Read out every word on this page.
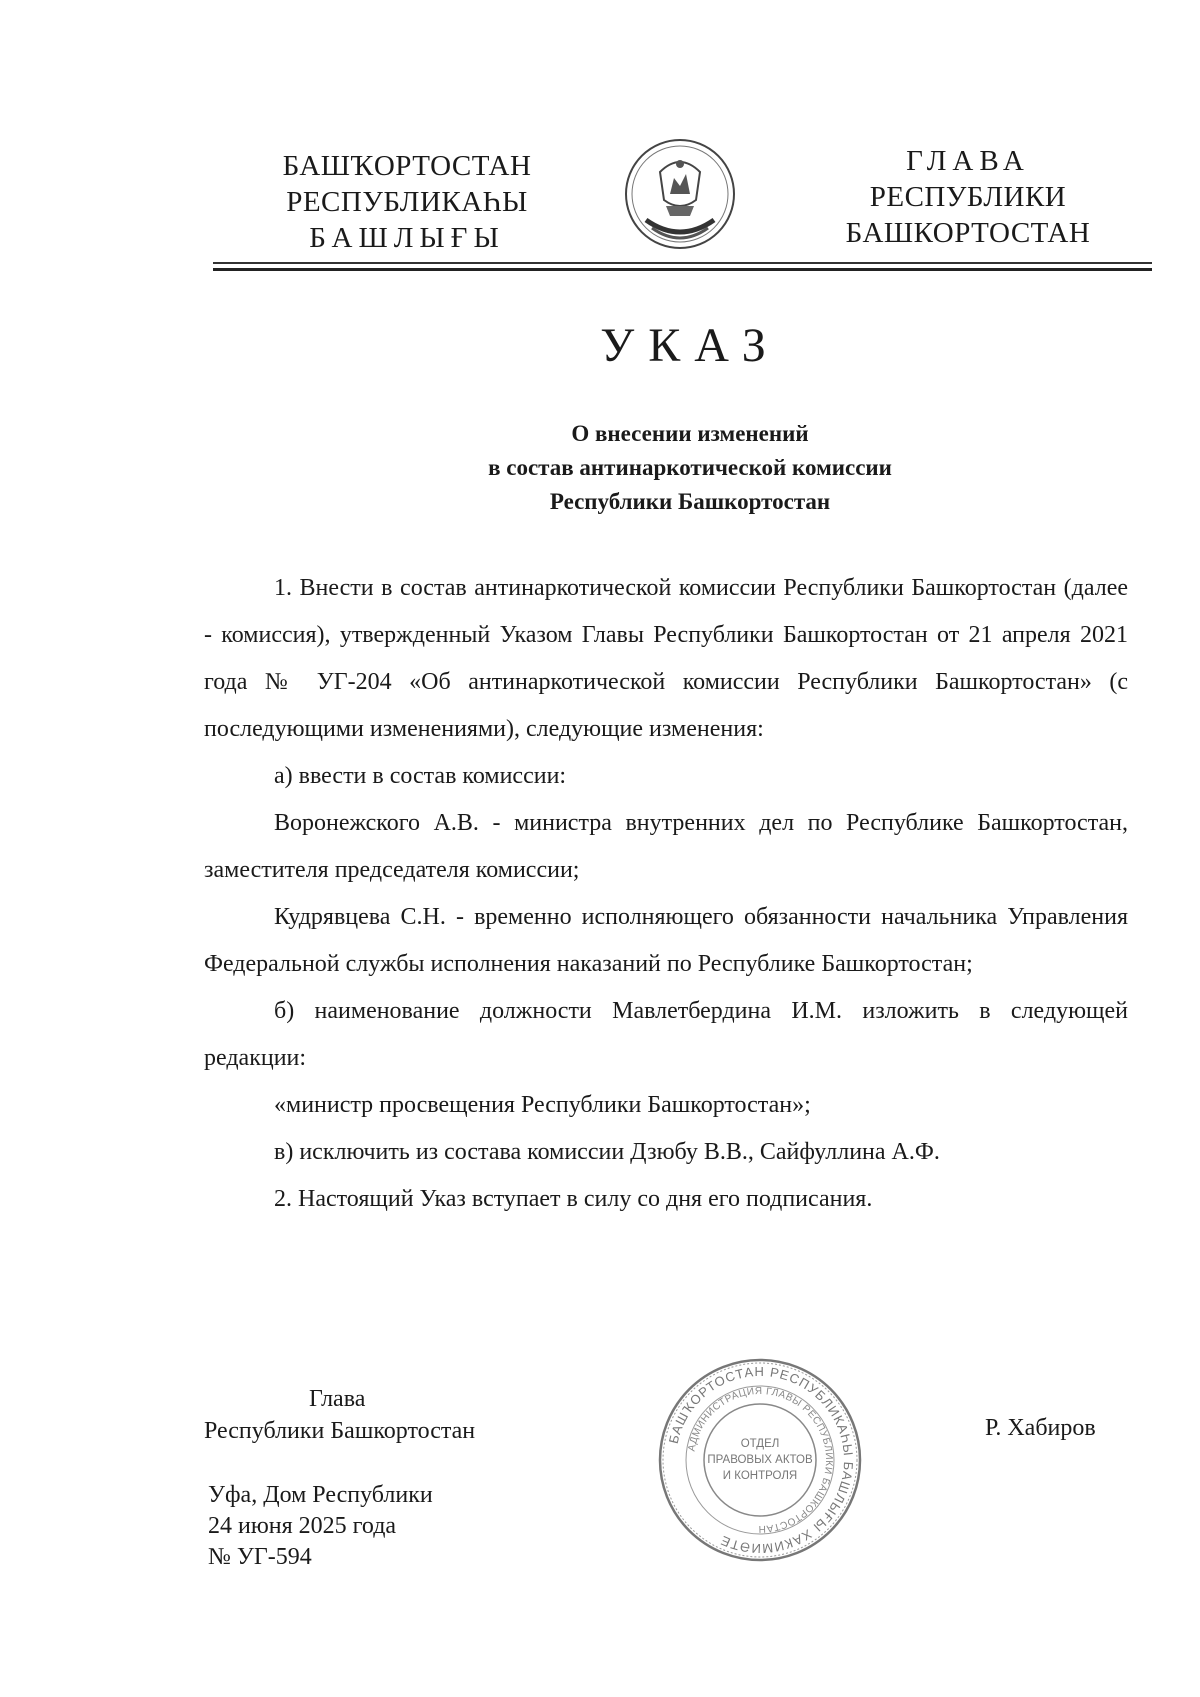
БАШҠОРТОСТАН
РЕСПУБЛИКАҺЫ
БАШЛЫҒЫ
ГЛАВА
РЕСПУБЛИКИ
БАШКОРТОСТАН
УКАЗ
О внесении изменений
в состав антинаркотической комиссии
Республики Башкортостан

1. Внести в состав антинаркотической комиссии Республики Башкортостан (далее - комиссия), утвержденный Указом Главы Республики Башкортостан от 21 апреля 2021 года № УГ-204 «Об антинаркотической комиссии Республики Башкортостан» (с последующими изменениями), следующие изменения:

а) ввести в состав комиссии:

Воронежского А.В. - министра внутренних дел по Республике Башкортостан, заместителя председателя комиссии;

Кудрявцева С.Н. - временно исполняющего обязанности начальника Управления Федеральной службы исполнения наказаний по Республике Башкортостан;

б) наименование должности Мавлетбердина И.М. изложить в следующей редакции:

«министр просвещения Республики Башкортостан»;

в) исключить из состава комиссии Дзюбу В.В., Сайфуллина А.Ф.

2. Настоящий Указ вступает в силу со дня его подписания.

Глава
Республики Башкортостан	БАШҠОРТОСТАН РЕСПУБЛИКАҺЫ БАШЛЫҒЫ ХАКИМИӘТЕ
АДМИНИСТРАЦИЯ ГЛАВЫ РЕСПУБЛИКИ БАШКОРТОСТАН
ОТДЕЛ
ПРАВОВЫХ АКТОВ
И КОНТРОЛЯ
Р. Хабиров
Уфа, Дом Республики
24 июня 2025 года
№ УГ-594
